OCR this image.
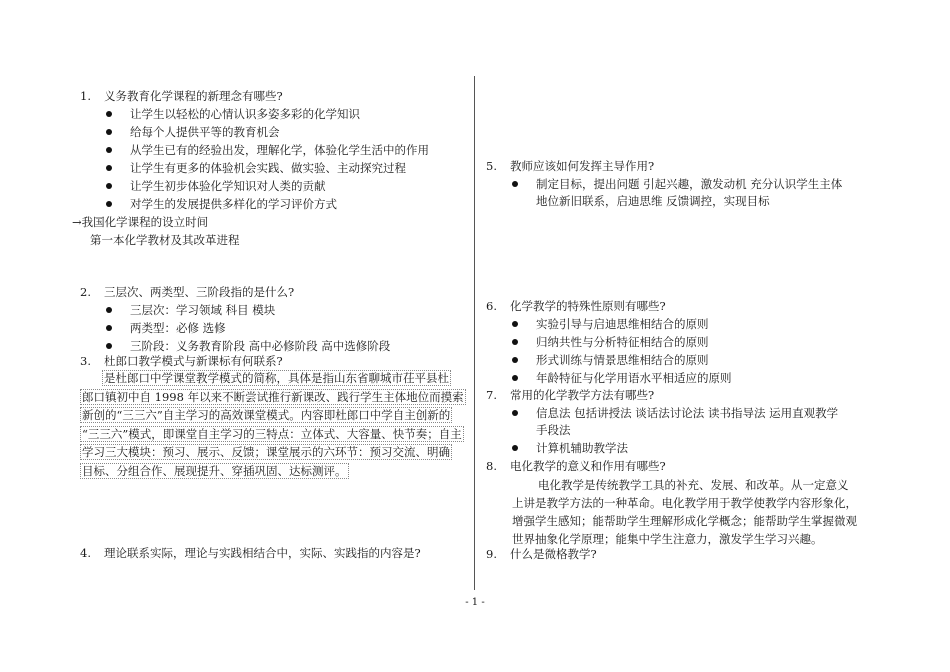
1. 义务教育化学课程的新理念有哪些?
让学生以轻松的心情认识多姿多彩的化学知识
给每个人提供平等的教育机会
从学生已有的经验出发，理解化学，体验化学生活中的作用
让学生有更多的体验机会实践、做实验、主动探究过程
让学生初步体验化学知识对人类的贡献
对学生的发展提供多样化的学习评价方式
→我国化学课程的设立时间
第一本化学教材及其改革进程
2. 三层次、两类型、三阶段指的是什么?
三层次：学习领域 科目 模块
两类型：必修 选修
三阶段：义务教育阶段 高中必修阶段 高中选修阶段
3. 杜郎口教学模式与新课标有何联系?
是杜郎口中学课堂教学模式的简称，具体是指山东省聊城市茌平县杜
郎口镇初中自 1998 年以来不断尝试推行新课改、践行学生主体地位而摸索
新创的“三三六”自主学习的高效课堂模式。内容即杜郎口中学自主创新的
“三三六”模式，即课堂自主学习的三特点：立体式、大容量、快节奏；自主
学习三大模块：预习、展示、反馈；课堂展示的六环节：预习交流、明确
目标、分组合作、展现提升、穿插巩固、达标测评。
4. 理论联系实际，理论与实践相结合中，实际、实践指的内容是?
5. 教师应该如何发挥主导作用?
制定目标，提出问题 引起兴趣，激发动机 充分认识学生主体
地位新旧联系，启迪思维 反馈调控，实现目标
6. 化学教学的特殊性原则有哪些?
实验引导与启迪思维相结合的原则
归纳共性与分析特征相结合的原则
形式训练与情景思维相结合的原则
年龄特征与化学用语水平相适应的原则
7. 常用的化学教学方法有哪些?
信息法 包括讲授法 谈话法讨论法 读书指导法 运用直观教学
手段法
计算机辅助教学法
8. 电化教学的意义和作用有哪些?
电化教学是传统教学工具的补充、发展、和改革。从一定意义
上讲是教学方法的一种革命。电化教学用于教学使教学内容形象化，
增强学生感知；能帮助学生理解形成化学概念；能帮助学生掌握微观
世界抽象化学原理；能集中学生注意力，激发学生学习兴趣。
9. 什么是微格教学?
- 1 -
